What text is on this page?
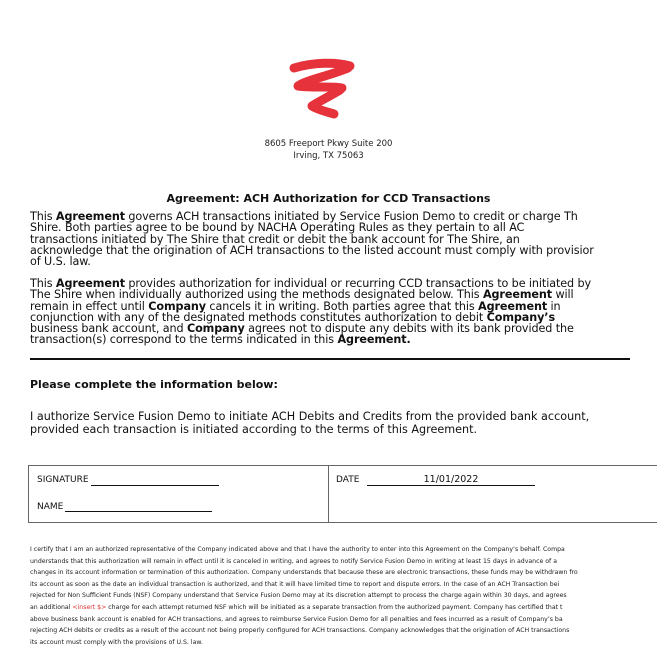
8605 Freeport Pkwy Suite 200
Irving, TX 75063
Agreement: ACH Authorization for CCD Transactions
This Agreement governs ACH transactions initiated by Service Fusion Demo to credit or charge Th
Shire. Both parties agree to be bound by NACHA Operating Rules as they pertain to all AC
transactions initiated by The Shire that credit or debit the bank account for The Shire, an
acknowledge that the origination of ACH transactions to the listed account must comply with provisior
of U.S. law.
This Agreement provides authorization for individual or recurring CCD transactions to be initiated by
The Shire when individually authorized using the methods designated below. This Agreement will
remain in effect until Company cancels it in writing. Both parties agree that this Agreement in
conjunction with any of the designated methods constitutes authorization to debit Company’s
business bank account, and Company agrees not to dispute any debits with its bank provided the
transaction(s) correspond to the terms indicated in this Agreement.
Please complete the information below:
I authorize Service Fusion Demo to initiate ACH Debits and Credits from the provided bank account,
provided each transaction is initiated according to the terms of this Agreement.
SIGNATURE
NAME
DATE	11/01/2022
I certify that I am an authorized representative of the Company indicated above and that I have the authority to enter into this Agreement on the Company’s behalf. Compa
understands that this authorization will remain in effect until it is canceled in writing, and agrees to notify Service Fusion Demo in writing at least 15 days in advance of a
changes in its account information or termination of this authorization. Company understands that because these are electronic transactions, these funds may be withdrawn fro
its account as soon as the date an individual transaction is authorized, and that it will have limited time to report and dispute errors. In the case of an ACH Transaction bei
rejected for Non Sufficient Funds (NSF) Company understand that Service Fusion Demo may at its discretion attempt to process the charge again within 30 days, and agrees
an additional <insert $> charge for each attempt returned NSF which will be initiated as a separate transaction from the authorized payment. Company has certified that t
above business bank account is enabled for ACH transactions, and agrees to reimburse Service Fusion Demo for all penalties and fees incurred as a result of Company’s ba
rejecting ACH debits or credits as a result of the account not being properly configured for ACH transactions. Company acknowledges that the origination of ACH transactions
its account must comply with the provisions of U.S. law.
